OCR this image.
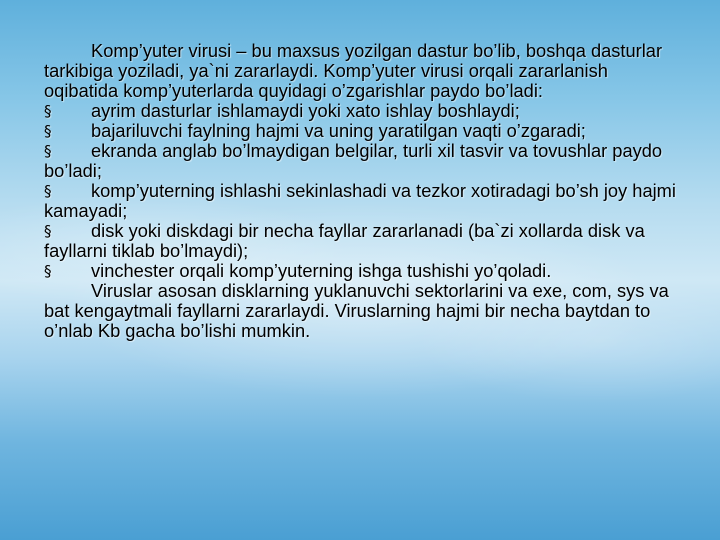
Komp’yuter virusi – bu maxsus yozilgan dastur bo’lib, boshqa dasturlar tarkibiga yoziladi, ya`ni zararlaydi. Komp’yuter virusi orqali zararlanish oqibatida komp’yuterlarda quyidagi o’zgarishlar paydo bo’ladi:

§ ayrim dasturlar ishlamaydi yoki xato ishlay boshlaydi;

§ bajariluvchi faylning hajmi va uning yaratilgan vaqti o’zgaradi;

§ ekranda anglab bo’lmaydigan belgilar, turli xil tasvir va tovushlar paydo bo’ladi;

§ komp’yuterning ishlashi sekinlashadi va tezkor xotiradagi bo’sh joy hajmi kamayadi;

§ disk yoki diskdagi bir necha fayllar zararlanadi (ba`zi xollarda disk va fayllarni tiklab bo’lmaydi);

§ vinchester orqali komp’yuterning ishga tushishi yo’qoladi.

Viruslar asosan disklarning yuklanuvchi sektorlarini va exe, com, sys va bat kengaytmali fayllarni zararlaydi. Viruslarning hajmi bir necha baytdan to o’nlab Kb gacha bo’lishi mumkin.
